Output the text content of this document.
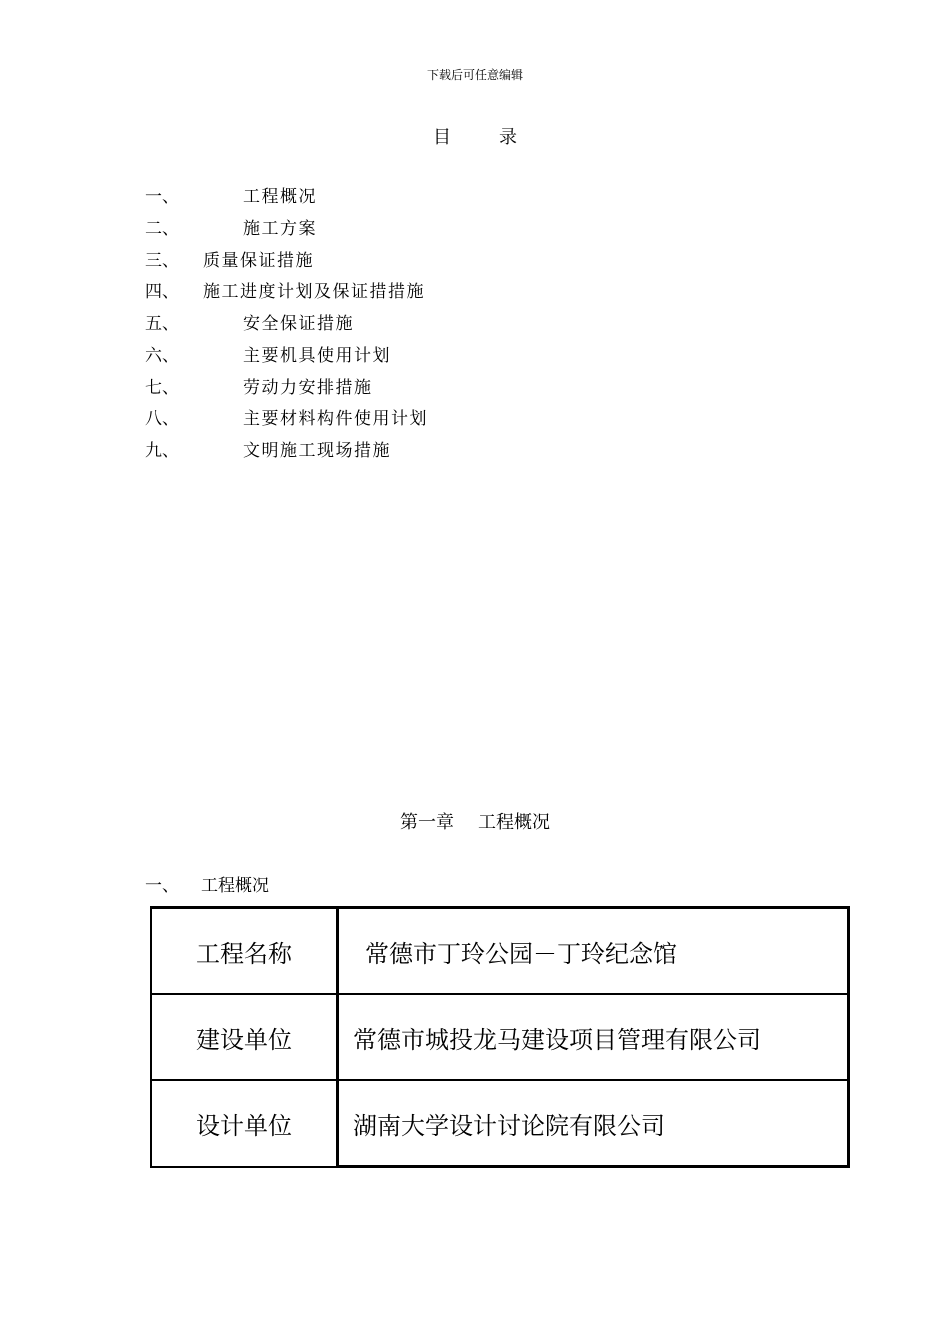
下载后可任意编辑
目	录
一、	工程概况
二、	施工方案
三、 质量保证措施
四、 施工进度计划及保证措措施
五、	安全保证措施
六、	主要机具使用计划
七、	劳动力安排措施
八、	主要材料构件使用计划
九、	文明施工现场措施
第一章 工程概况
一、 工程概况
工程名称	常德市丁玲公园－丁玲纪念馆
建设单位	常德市城投龙马建设项目管理有限公司
设计单位	湖南大学设计讨论院有限公司
